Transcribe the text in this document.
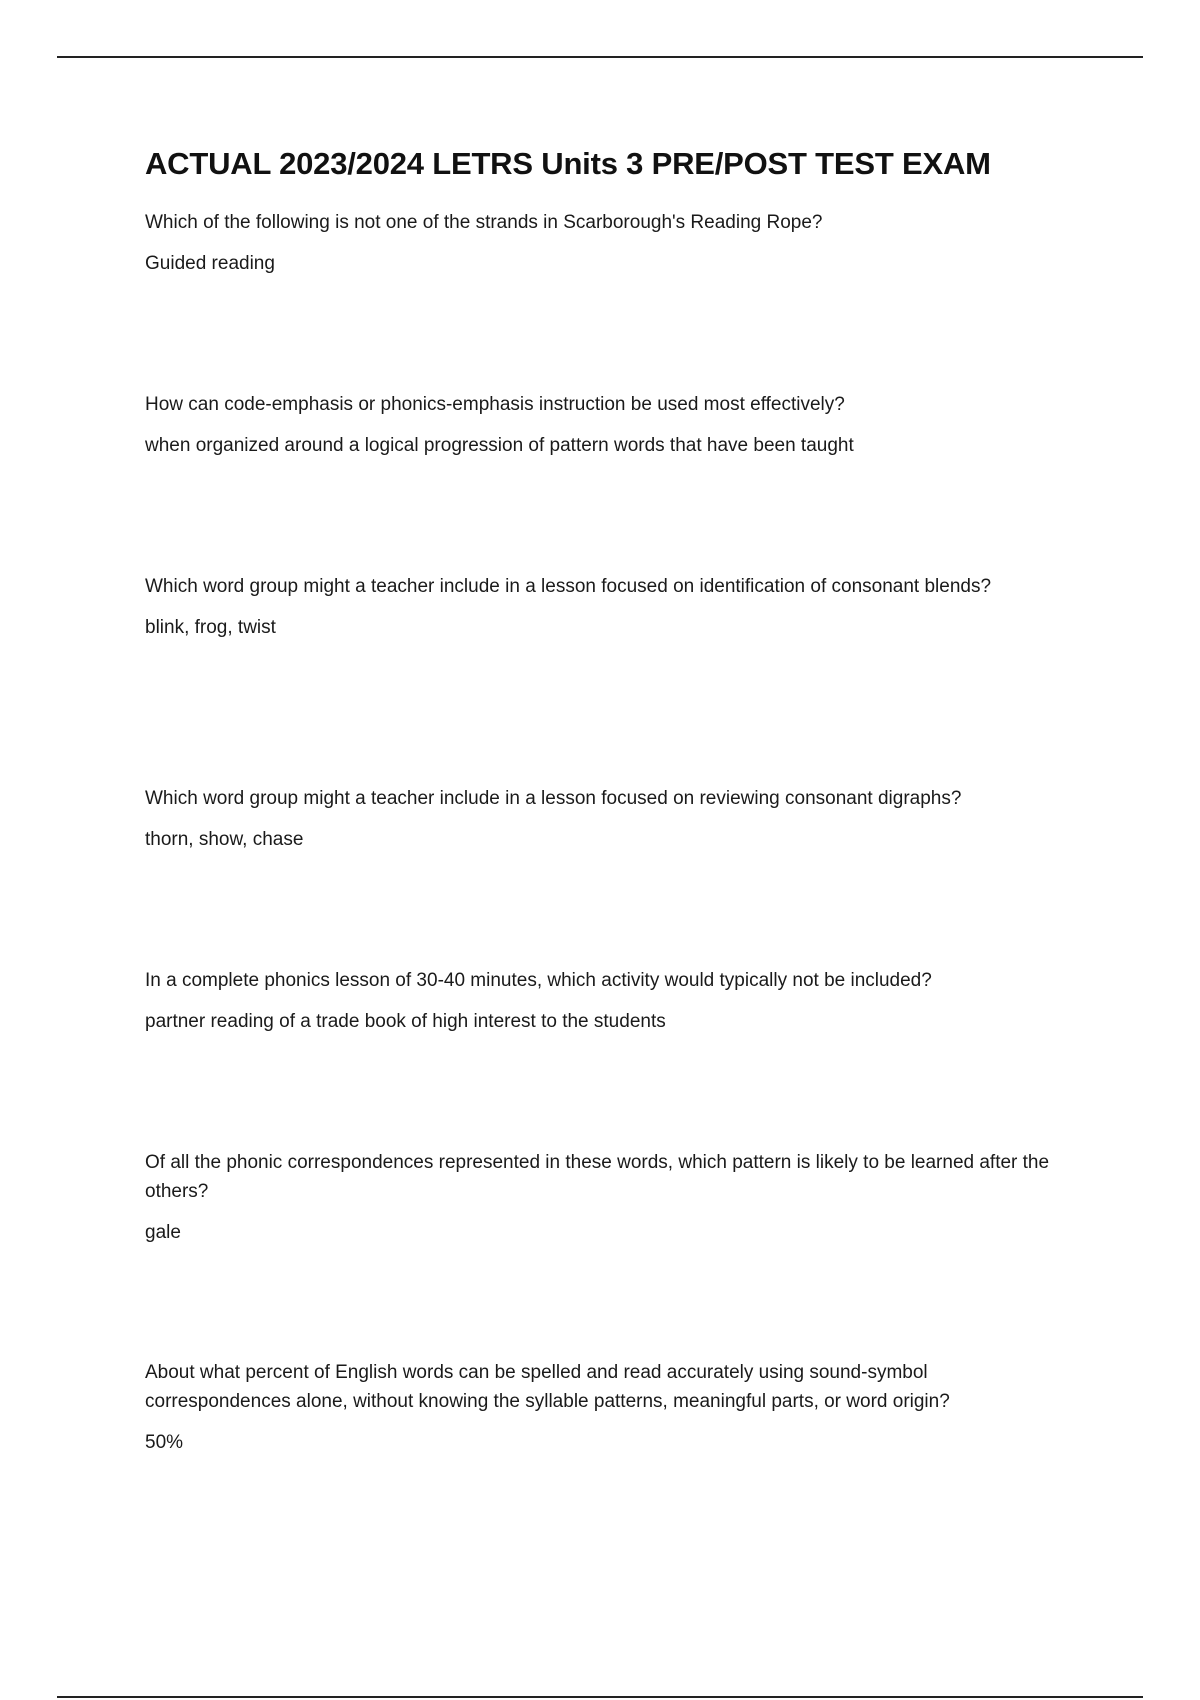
ACTUAL 2023/2024 LETRS Units 3 PRE/POST TEST EXAM

Which of the following is not one of the strands in Scarborough's Reading Rope?

Guided reading

How can code-emphasis or phonics-emphasis instruction be used most effectively?

when organized around a logical progression of pattern words that have been taught

Which word group might a teacher include in a lesson focused on identification of consonant blends?

blink, frog, twist

Which word group might a teacher include in a lesson focused on reviewing consonant digraphs?

thorn, show, chase

In a complete phonics lesson of 30-40 minutes, which activity would typically not be included?

partner reading of a trade book of high interest to the students

Of all the phonic correspondences represented in these words, which pattern is likely to be learned after the others?

gale

About what percent of English words can be spelled and read accurately using sound-symbol correspondences alone, without knowing the syllable patterns, meaningful parts, or word origin?

50%
